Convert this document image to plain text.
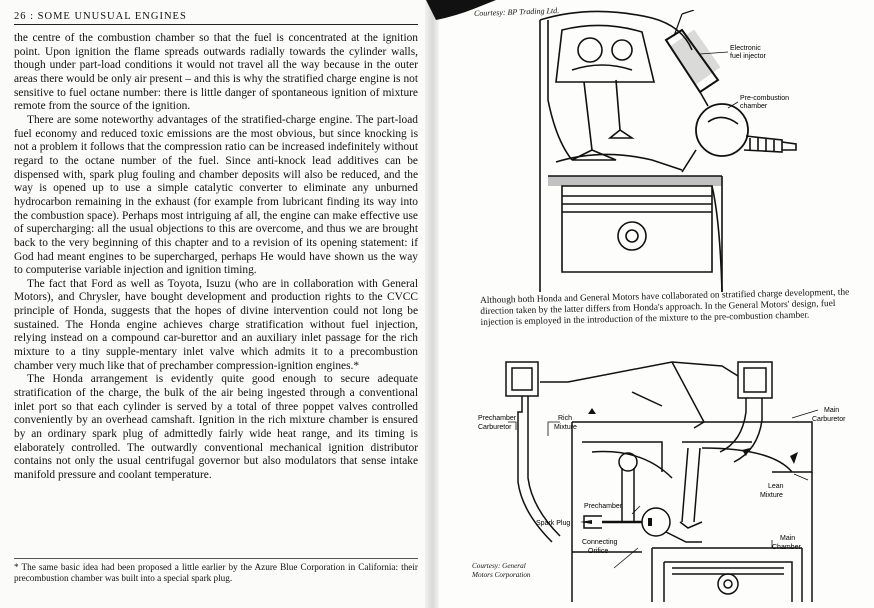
26 : SOME UNUSUAL ENGINES

the centre of the combustion chamber so that the fuel is concentrated at the ignition point. Upon ignition the flame spreads outwards radially towards the cylinder walls, though under part-load conditions it would not travel all the way because in the outer areas there would be only air present – and this is why the stratified charge engine is not sensitive to fuel octane number: there is little danger of spontaneous ignition of mixture remote from the source of the ignition.

There are some noteworthy advantages of the stratified-charge engine. The part-load fuel economy and reduced toxic emissions are the most obvious, but since knocking is not a problem it follows that the compression ratio can be increased indefinitely without regard to the octane number of the fuel. Since anti-knock lead additives can be dispensed with, spark plug fouling and chamber deposits will also be reduced, and the way is opened up to use a simple catalytic converter to eliminate any unburned hydrocarbon remaining in the exhaust (for example from lubricant finding its way into the combustion space). Perhaps most intriguing af all, the engine can make effective use of supercharging: all the usual objections to this are overcome, and thus we are brought back to the very beginning of this chapter and to a revision of its opening statement: if God had meant engines to be supercharged, perhaps He would have shown us the way to computerise variable injection and ignition timing.

The fact that Ford as well as Toyota, Isuzu (who are in collaboration with General Motors), and Chrysler, have bought development and production rights to the CVCC principle of Honda, suggests that the hopes of divine intervention could not long be sustained. The Honda engine achieves charge stratification without fuel injection, relying instead on a compound car-burettor and an auxiliary inlet passage for the rich mixture to a tiny supple-mentary inlet valve which admits it to a precombustion chamber very much like that of prechamber compression-ignition engines.*

The Honda arrangement is evidently quite good enough to secure adequate stratification of the charge, the bulk of the air being ingested through a conventional inlet port so that each cylinder is served by a total of three poppet valves controlled conveniently by an overhead camshaft. Ignition in the rich mixture chamber is ensured by an ordinary spark plug of admittedly fairly wide heat range, and its timing is elaborately controlled. The outwardly conventional mechanical ignition distributor contains not only the usual centrifugal governor but also modulators that sense intake manifold pressure and coolant temperature.

* The same basic idea had been proposed a little earlier by the Azure Blue Corporation in California: their precombustion chamber was built into a special spark plug.
Courtesy: BP Trading Ltd.
Electronic
fuel injector
Pre-combustion
chamber
Although both Honda and General Motors have collaborated on stratified charge development, the direction taken by the latter differs from Honda's approach. In the General Motors' design, fuel injection is employed in the introduction of the mixture to the pre-combustion chamber.
Prechamber
Carburetor
Rich
Mixture
Main
Carburetor
Lean
Mixture
Prechamber
Spark Plug
Connecting
Orifice
Main
Chamber
Courtesy: General
Motors Corporation
